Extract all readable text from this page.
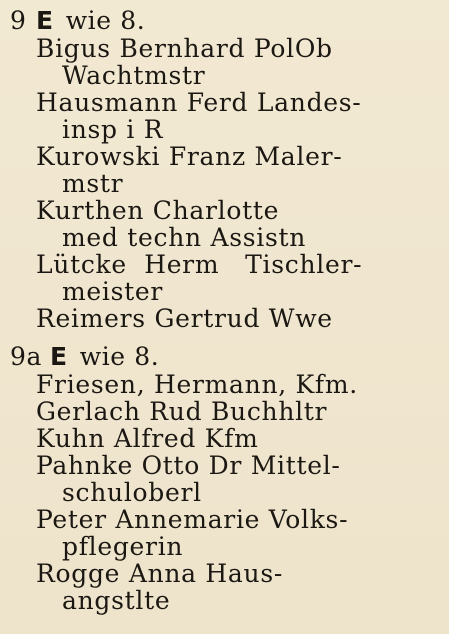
9 E wie 8.
Bigus Bernhard PolOb
Wachtmstr
Hausmann Ferd Landes-
insp i R
Kurowski Franz Maler-
mstr
Kurthen Charlotte
med techn Assistn
Lütcke  Herm   Tischler-
meister
Reimers Gertrud Wwe
9a E wie 8.
Friesen, Hermann, Kfm.
Gerlach Rud Buchhltr
Kuhn Alfred Kfm
Pahnke Otto Dr Mittel-
schuloberl
Peter Annemarie Volks-
pflegerin
Rogge Anna Haus-
angstlte
